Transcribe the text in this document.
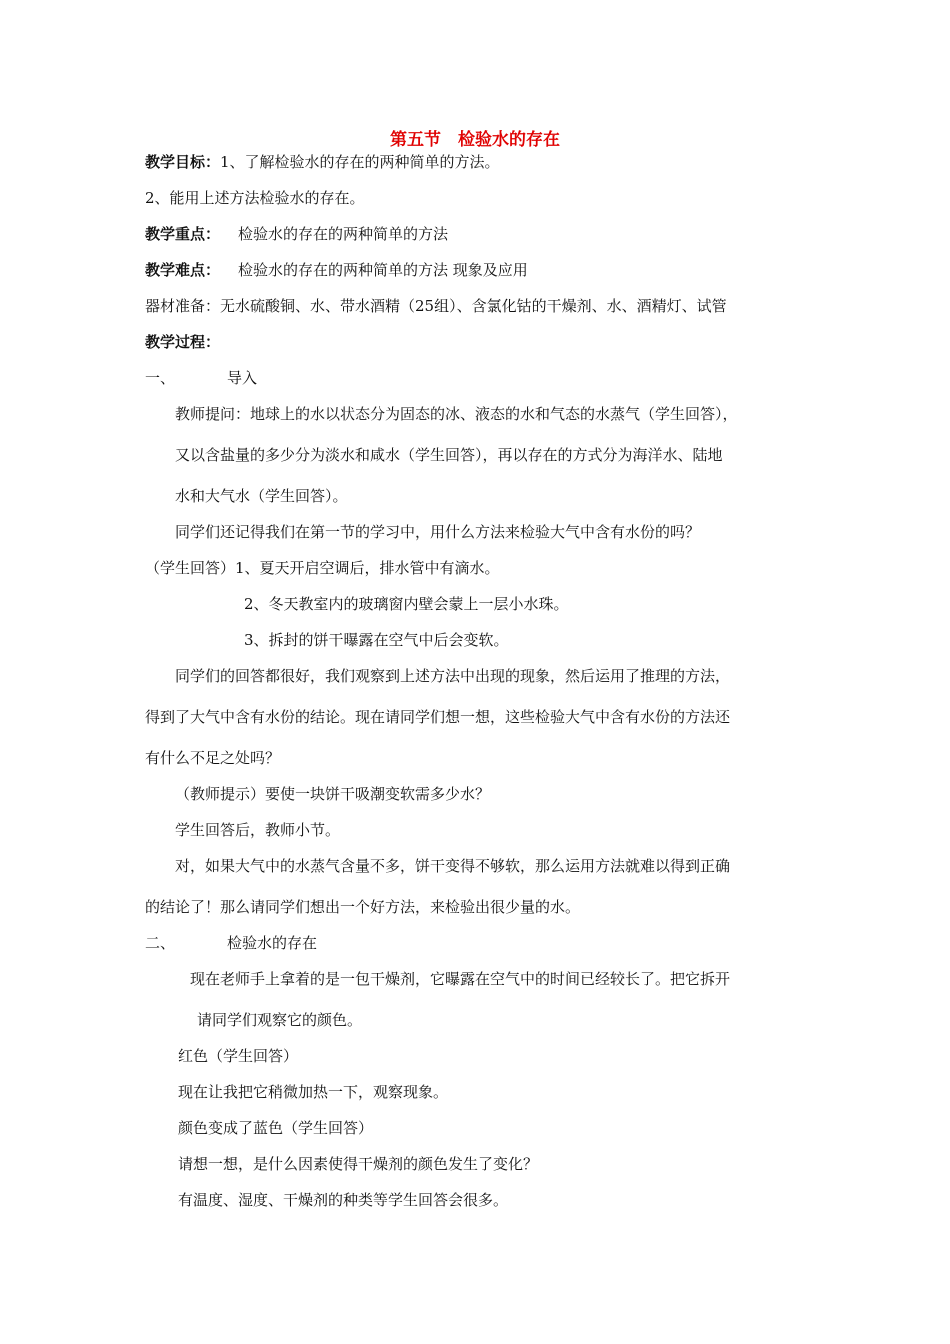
第五节　检验水的存在
教学目标：1、了解检验水的存在的两种简单的方法。
2、能用上述方法检验水的存在。
教学重点： 检验水的存在的两种简单的方法
教学难点： 检验水的存在的两种简单的方法 现象及应用
器材准备：无水硫酸铜、水、带水酒精（25组）、含氯化钴的干燥剂、水、酒精灯、试管
教学过程：
一、	导入
教师提问：地球上的水以状态分为固态的冰、液态的水和气态的水蒸气（学生回答），
又以含盐量的多少分为淡水和咸水（学生回答），再以存在的方式分为海洋水、陆地
水和大气水（学生回答）。
同学们还记得我们在第一节的学习中，用什么方法来检验大气中含有水份的吗？
（学生回答）1、夏天开启空调后，排水管中有滴水。
2、冬天教室内的玻璃窗内壁会蒙上一层小水珠。
3、拆封的饼干曝露在空气中后会变软。
同学们的回答都很好，我们观察到上述方法中出现的现象，然后运用了推理的方法，
得到了大气中含有水份的结论。现在请同学们想一想，这些检验大气中含有水份的方法还
有什么不足之处吗？
（教师提示）要使一块饼干吸潮变软需多少水？
学生回答后，教师小节。
对，如果大气中的水蒸气含量不多，饼干变得不够软，那么运用方法就难以得到正确
的结论了！那么请同学们想出一个好方法，来检验出很少量的水。
二、	检验水的存在
现在老师手上拿着的是一包干燥剂，它曝露在空气中的时间已经较长了。把它拆开
请同学们观察它的颜色。
红色（学生回答）
现在让我把它稍微加热一下，观察现象。
颜色变成了蓝色（学生回答）
请想一想，是什么因素使得干燥剂的颜色发生了变化？
有温度、湿度、干燥剂的种类等学生回答会很多。
